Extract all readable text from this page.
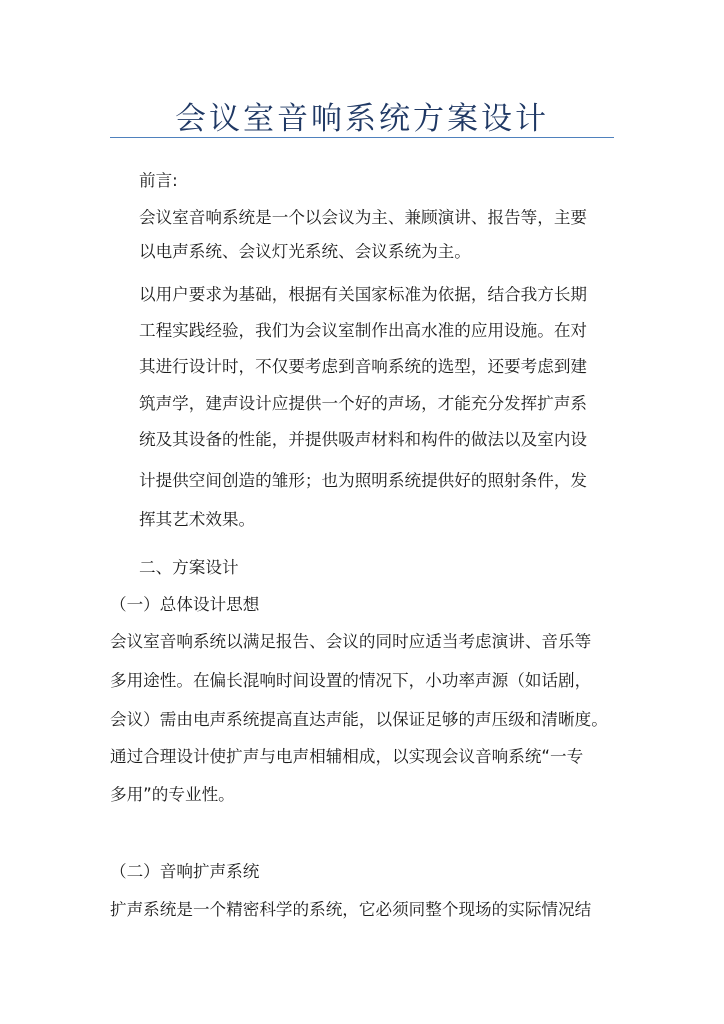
会议室音响系统方案设计

前言:

会议室音响系统是一个以会议为主、兼顾演讲、报告等，主要

以电声系统、会议灯光系统、会议系统为主。

以用户要求为基础，根据有关国家标准为依据，结合我方长期

工程实践经验，我们为会议室制作出高水准的应用设施。在对

其进行设计时，不仅要考虑到音响系统的选型，还要考虑到建

筑声学，建声设计应提供一个好的声场，才能充分发挥扩声系

统及其设备的性能，并提供吸声材料和构件的做法以及室内设

计提供空间创造的雏形；也为照明系统提供好的照射条件，发

挥其艺术效果。

二、方案设计

（一）总体设计思想

会议室音响系统以满足报告、会议的同时应适当考虑演讲、音乐等

多用途性。在偏长混响时间设置的情况下，小功率声源（如话剧，

会议）需由电声系统提高直达声能，以保证足够的声压级和清晰度。

通过合理设计使扩声与电声相辅相成，以实现会议音响系统“一专

多用”的专业性。

（二）音响扩声系统

扩声系统是一个精密科学的系统，它必须同整个现场的实际情况结
